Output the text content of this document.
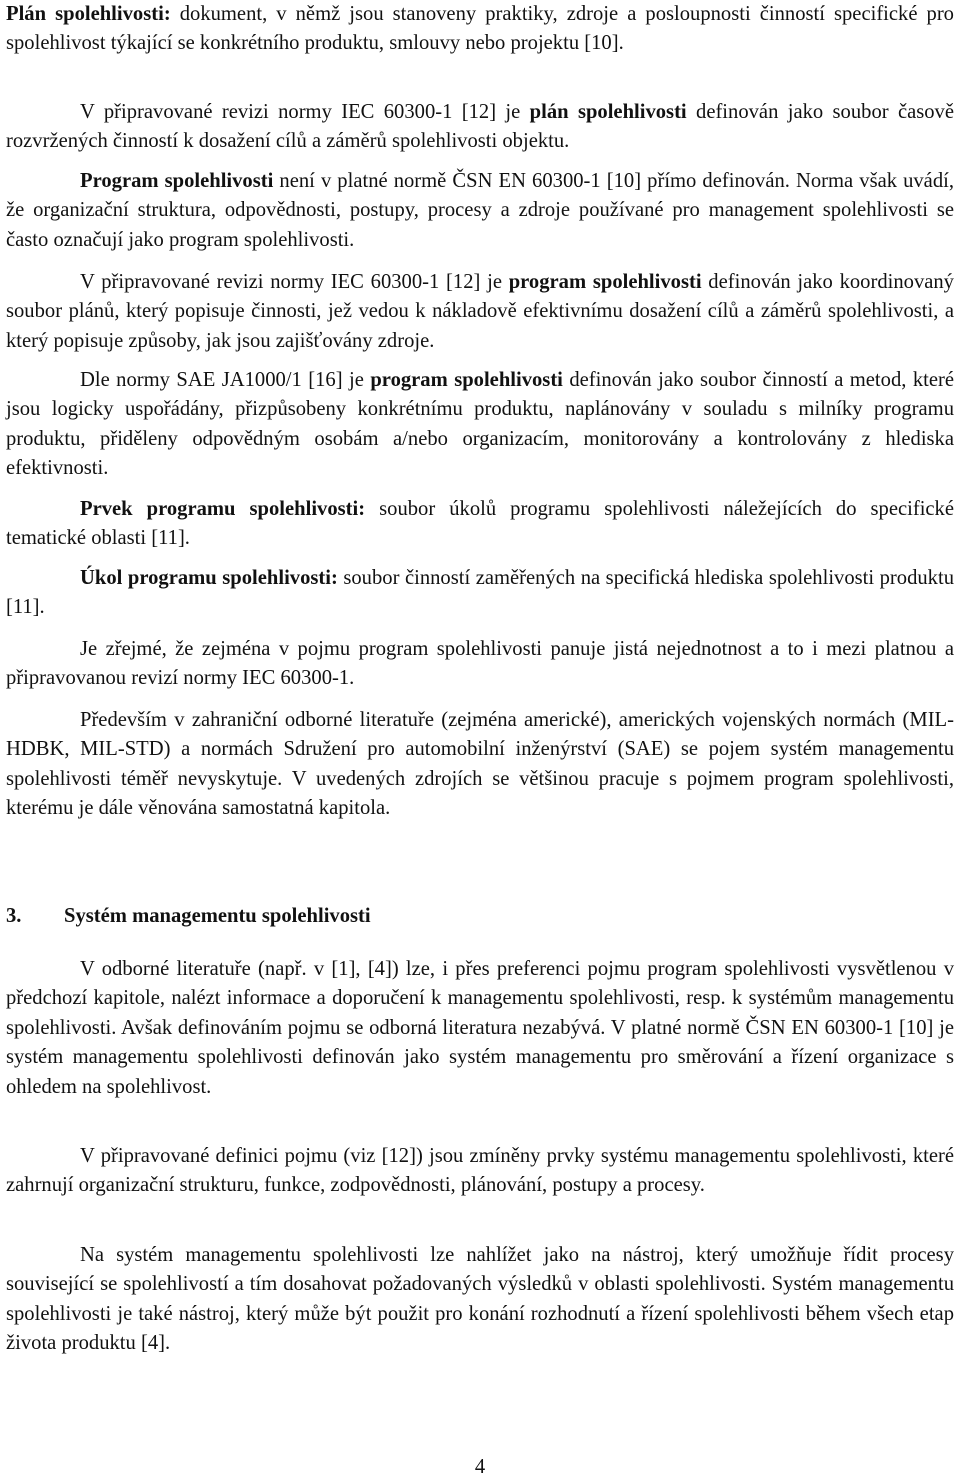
Plán spolehlivosti: dokument, v němž jsou stanoveny praktiky, zdroje a posloupnosti činností specifické pro spolehlivost týkající se konkrétního produktu, smlouvy nebo projektu [10].

V připravované revizi normy IEC 60300-1 [12] je plán spolehlivosti definován jako soubor časově rozvržených činností k dosažení cílů a záměrů spolehlivosti objektu.

Program spolehlivosti není v platné normě ČSN EN 60300-1 [10] přímo definován. Norma však uvádí, že organizační struktura, odpovědnosti, postupy, procesy a zdroje používané pro management spolehlivosti se často označují jako program spolehlivosti.

V připravované revizi normy IEC 60300-1 [12] je program spolehlivosti definován jako koordinovaný soubor plánů, který popisuje činnosti, jež vedou k nákladově efektivnímu dosažení cílů a záměrů spolehlivosti, a který popisuje způsoby, jak jsou zajišťovány zdroje.

Dle normy SAE JA1000/1 [16] je program spolehlivosti definován jako soubor činností a metod, které jsou logicky uspořádány, přizpůsobeny konkrétnímu produktu, naplánovány v souladu s milníky programu produktu, přiděleny odpovědným osobám a/nebo organizacím, monitorovány a kontrolovány z hlediska efektivnosti.

Prvek programu spolehlivosti: soubor úkolů programu spolehlivosti náležejících do specifické tematické oblasti [11].

Úkol programu spolehlivosti: soubor činností zaměřených na specifická hlediska spolehlivosti produktu [11].

Je zřejmé, že zejména v pojmu program spolehlivosti panuje jistá nejednotnost a to i mezi platnou a připravovanou revizí normy IEC 60300-1.

Především v zahraniční odborné literatuře (zejména americké), amerických vojenských normách (MIL-HDBK, MIL-STD) a normách Sdružení pro automobilní inženýrství (SAE) se pojem systém managementu spolehlivosti téměř nevyskytuje. V uvedených zdrojích se většinou pracuje s pojmem program spolehlivosti, kterému je dále věnována samostatná kapitola.

3. Systém managementu spolehlivosti

V odborné literatuře (např. v [1], [4]) lze, i přes preferenci pojmu program spolehlivosti vysvětlenou v předchozí kapitole, nalézt informace a doporučení k managementu spolehlivosti, resp. k systémům managementu spolehlivosti. Avšak definováním pojmu se odborná literatura nezabývá. V platné normě ČSN EN 60300-1 [10] je systém managementu spolehlivosti definován jako systém managementu pro směrování a řízení organizace s ohledem na spolehlivost.

V připravované definici pojmu (viz [12]) jsou zmíněny prvky systému managementu spolehlivosti, které zahrnují organizační strukturu, funkce, zodpovědnosti, plánování, postupy a procesy.

Na systém managementu spolehlivosti lze nahlížet jako na nástroj, který umožňuje řídit procesy související se spolehlivostí a tím dosahovat požadovaných výsledků v oblasti spolehlivosti. Systém managementu spolehlivosti je také nástroj, který může být použit pro konání rozhodnutí a řízení spolehlivosti během všech etap života produktu [4].

4
